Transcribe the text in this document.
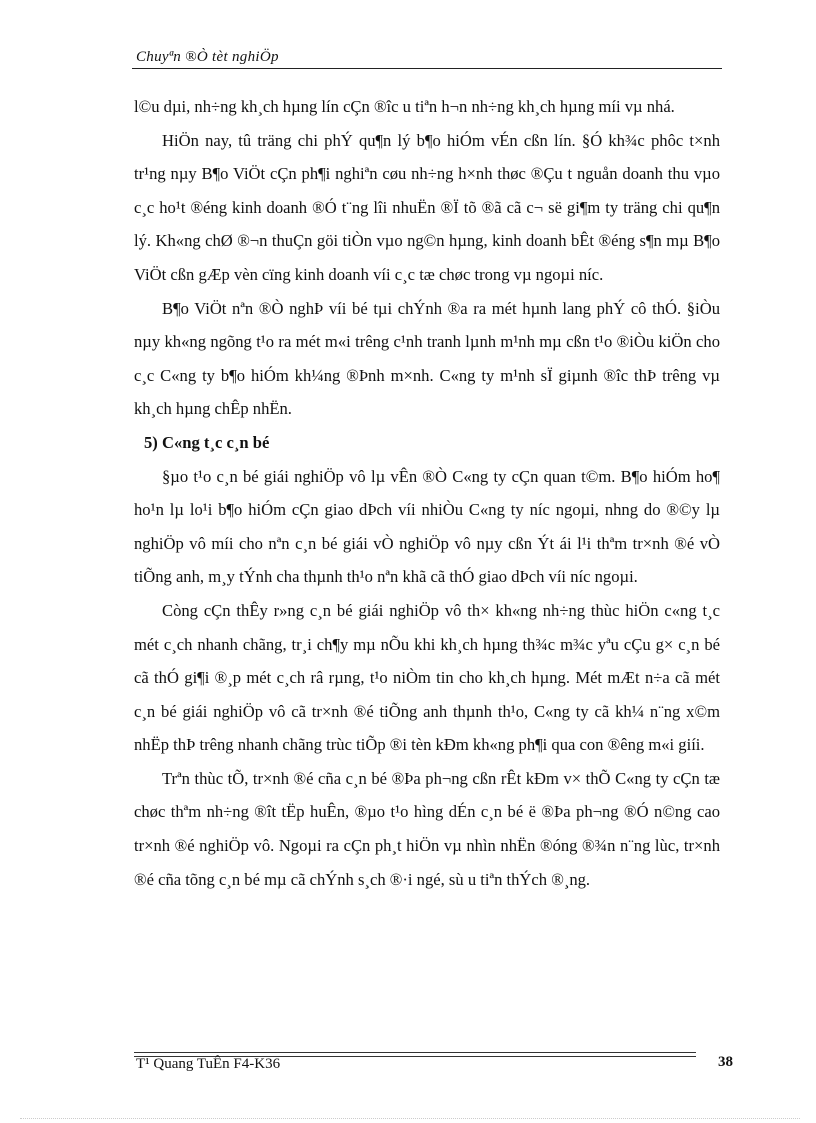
Chuyªn ®Ò tèt nghiÖp

l©u dµi, nh÷ng kh¸ch hµng lín cÇn ®îc u tiªn h¬n nh÷ng kh¸ch hµng míi vµ nhá.

HiÖn nay, tû träng chi phÝ qu¶n lý b¶o hiÓm vÉn cßn lín. §Ó kh¾c phôc t×nh tr¹ng nµy B¶o ViÖt cÇn ph¶i nghiªn cøu nh÷ng h×nh thøc ®Çu t nguån doanh thu vµo c¸c ho¹t ®éng kinh doanh ®Ó t¨ng lîi nhuËn ®Ï tõ ®ã cã c¬ së gi¶m ty träng chi qu¶n lý. Kh«ng chØ ®¬n thuÇn göi tiÒn vµo ng©n hµng, kinh doanh bÊt ®éng s¶n mµ B¶o ViÖt cßn gÆp vèn cïng kinh doanh víi c¸c tæ chøc trong vµ ngoµi níc.

B¶o ViÖt nªn ®Ò nghÞ víi bé tµi chÝnh ®a ra mét hµnh lang phÝ cô thÓ. §iÒu nµy kh«ng ngõng t¹o ra mét m«i trêng c¹nh tranh lµnh m¹nh mµ cßn t¹o ®iÒu kiÖn cho c¸c C«ng ty b¶o hiÓm kh¼ng ®Þnh m×nh. C«ng ty m¹nh sÏ giµnh ®îc thÞ trêng vµ kh¸ch hµng chÊp nhËn.

5) C«ng t¸c c¸n bé

§µo t¹o c¸n bé giái nghiÖp vô lµ vÊn ®Ò C«ng ty cÇn quan t©m. B¶o hiÓm ho¶ ho¹n lµ lo¹i b¶o hiÓm cÇn giao dÞch víi nhiÒu C«ng ty níc ngoµi, nhng do ®©y lµ nghiÖp vô míi cho nªn c¸n bé giái vÒ nghiÖp vô nµy cßn Ýt ái l¹i thªm tr×nh ®é vÒ tiÕng anh, m¸y tÝnh cha thµnh th¹o nªn khã cã thÓ giao dÞch víi níc ngoµi.

Còng cÇn thÊy r»ng c¸n bé giái nghiÖp vô th× kh«ng nh÷ng thùc hiÖn c«ng t¸c mét c¸ch nhanh chãng, tr¸i ch¶y mµ nÕu khi kh¸ch hµng th¾c m¾c yªu cÇu g× c¸n bé cã thÓ gi¶i ®¸p mét c¸ch râ rµng, t¹o niÒm tin cho kh¸ch hµng. Mét mÆt n÷a cã mét c¸n bé giái nghiÖp vô cã tr×nh ®é tiÕng anh thµnh th¹o, C«ng ty cã kh¼ n¨ng x©m nhËp thÞ trêng nhanh chãng trùc tiÕp ®i tèn kÐm kh«ng ph¶i qua con ®êng m«i giíi.

Trªn thùc tÕ, tr×nh ®é cña c¸n bé ®Þa ph¬ng cßn rÊt kÐm v× thÕ C«ng ty cÇn tæ chøc thªm nh÷ng ®ît tËp huÊn, ®µo t¹o hìng dÉn c¸n bé ë ®Þa ph¬ng ®Ó n©ng cao tr×nh ®é nghiÖp vô. Ngoµi ra cÇn ph¸t hiÖn vµ nhìn nhËn ®óng ®¾n n¨ng lùc, tr×nh ®é cña tõng c¸n bé mµ cã chÝnh s¸ch ®·i ngé, sù u tiªn thÝch ®¸ng.

T¹ Quang TuÊn F4-K36	38
